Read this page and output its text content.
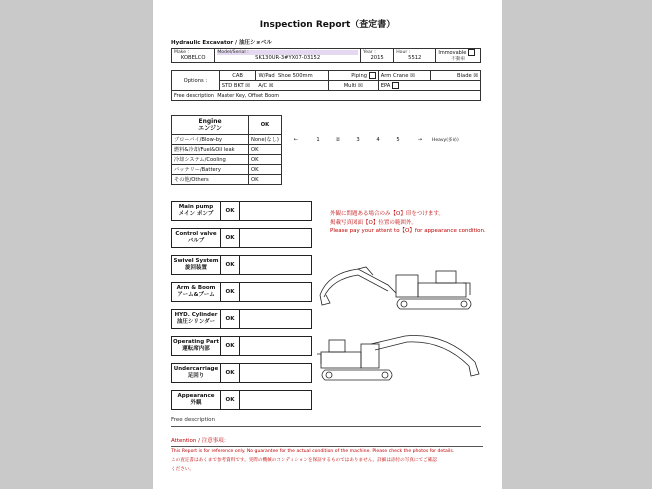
Inspection Report（査定書）
Hydraulic Excavator / 油圧ショベル
Make :
KOBELCO

Model/Serial :
SK130UR-3#YX07-03152

Year :
2015

Hour :
5512
	Immovable
不動車
Options :	CAB	W/Pad Shoe 500mm	Piping	Arm Crane ☒	Blade ☒
	STD BKT ☒ A/C ☒		Multi ☒	EPA	
Free description Master Key, Offset Boom					
Engine
エンジン	OK	
ブローバイ/Blow-by	None(なし)	← 1 ② 3 4 5 → Heavy(多め)
燃料&冷却/Fuel&Oil leak	OK	
冷却システム/Cooling	OK	
バッテリー/Battery	OK	
その他/Others	OK	
Main pump
メイン ポンプ	OK
Control valve
バルブ	OK
Swivel System
旋回装置	OK
Arm & Boom
アーム&ブーム	OK
HYD. Cylinder
油圧シリンダー	OK
Operating Part
運転席内部	OK
Undercarriage
足回り	OK
Appearance
外観	OK
外観に問題ある場合のみ【O】印をつけます。
掲載写真図面【O】位置の範囲外。
Please pay your attent to【O】for appearance condition.
Free description
Attention / 注意事項：
This Report is for reference only. No guarantee for the actual condition of the machine. Please check the photos for details.
この査定書はあくまで参考資料です。実際の機械のコンディションを保証するものではありません。詳細は添付の写真にてご確認
ください。
